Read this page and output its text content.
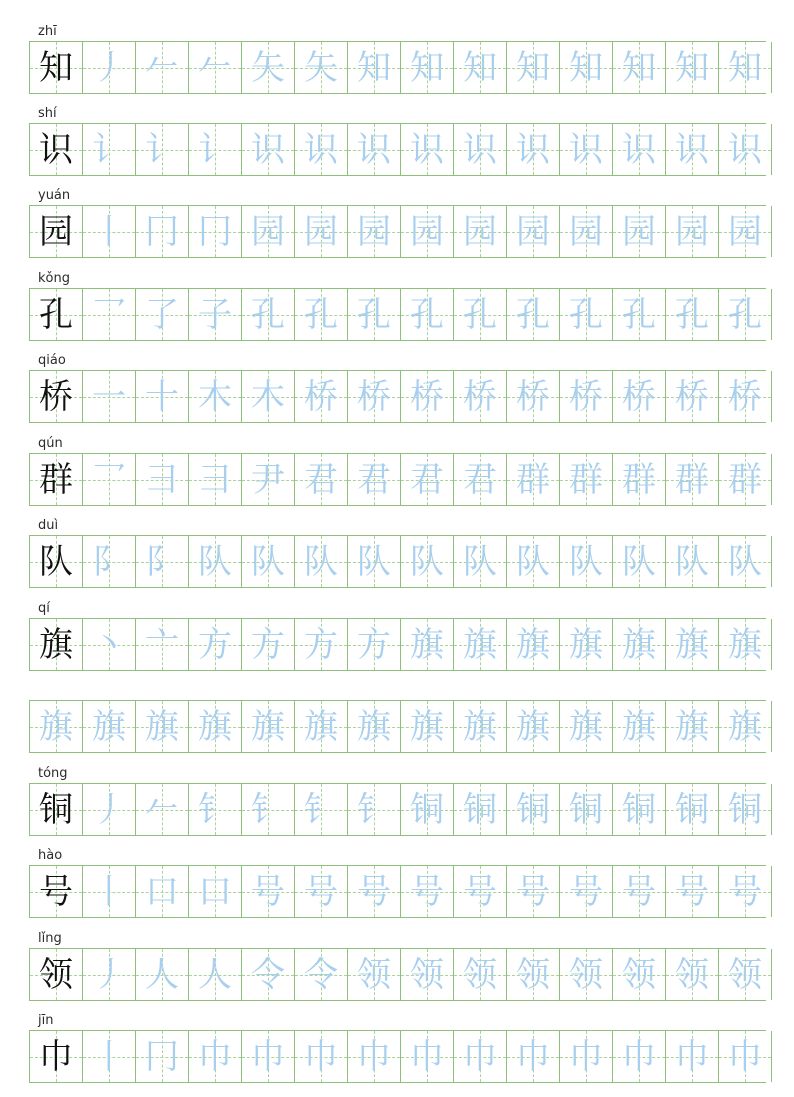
zhī
知 丿 𠂉 𠂉 矢 矢 知 知 知 知 知 知 知 知
shí
识 讠 讠 讠 识 识 识 识 识 识 识 识 识 识
yuán
园 丨 冂 冂 园 园 园 园 园 园 园 园 园 园
kǒng
孔 乛 了 子 孔 孔 孔 孔 孔 孔 孔 孔 孔 孔
qiáo
桥 一 十 木 木 桥 桥 桥 桥 桥 桥 桥 桥 桥
qún
群 乛 彐 彐 尹 君 君 君 君 群 群 群 群 群
duì
队 阝 阝 队 队 队 队 队 队 队 队 队 队 队
qí
旗 丶 亠 方 方 方 方 旗 旗 旗 旗 旗 旗 旗
旗 旗 旗 旗 旗 旗 旗 旗 旗 旗 旗 旗 旗 旗
tóng
铜 丿 𠂉 钅 钅 钅 钅 铜 铜 铜 铜 铜 铜 铜
hào
号 丨 口 口 号 号 号 号 号 号 号 号 号 号
lǐng
领 丿 人 人 令 令 领 领 领 领 领 领 领 领
jīn
巾 丨 冂 巾 巾 巾 巾 巾 巾 巾 巾 巾 巾 巾
